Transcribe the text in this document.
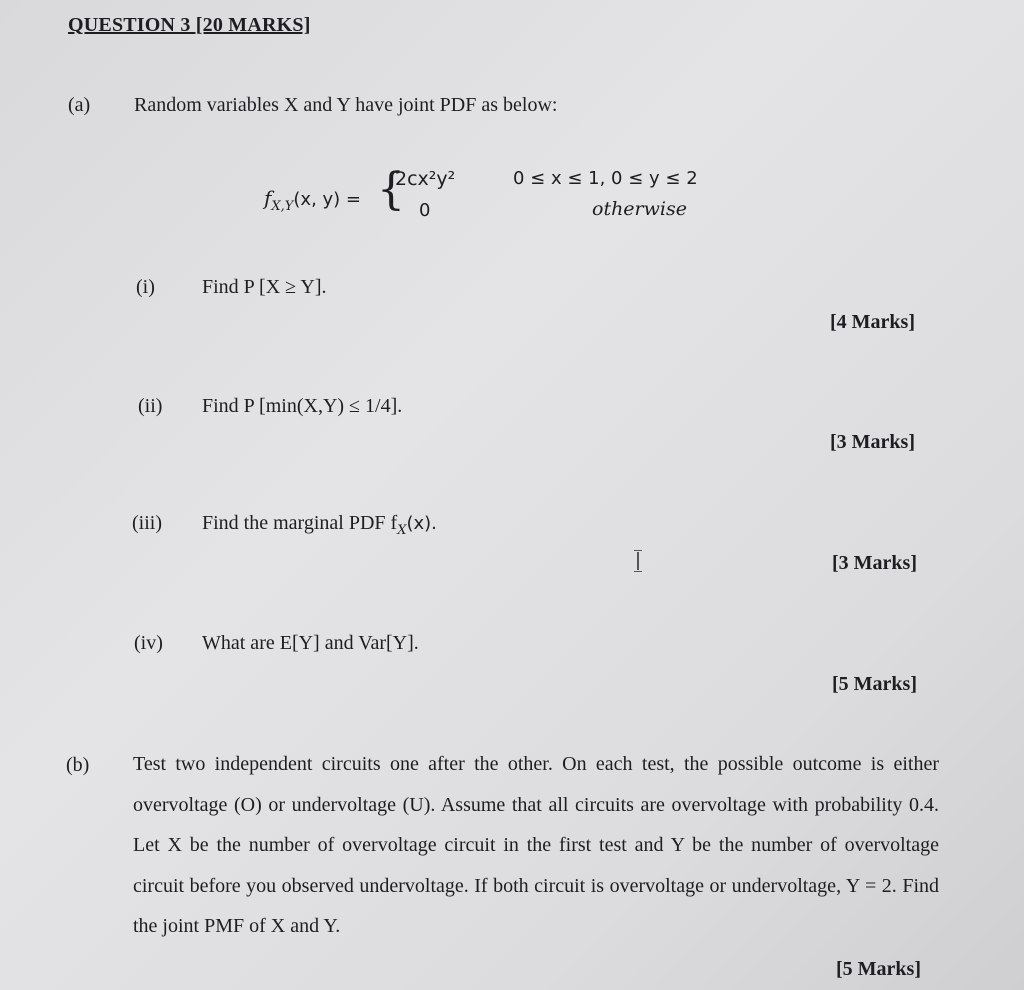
QUESTION 3 [20 MARKS]
(a) Random variables X and Y have joint PDF as below:
$f_{X,Y}(x$, y) = {
2cx²y²
0
0 ≤ x ≤ 1, 0 ≤ y ≤ 2
otherwise
(i) Find P [X ≥ Y].
[4 Marks]
(ii) Find P [min(X,Y) ≤ 1/4].
[3 Marks]
(iii) Find the marginal PDF $f_X(x)$.
[3 Marks]
(iv) What are E[Y] and Var[Y].
[5 Marks]
(b) Test two independent circuits one after the other. On each test, the possible outcome is either overvoltage (O) or undervoltage (U). Assume that all circuits are overvoltage with probability 0.4. Let X be the number of overvoltage circuit in the first test and Y be the number of overvoltage circuit before you observed undervoltage. If both circuit is overvoltage or undervoltage, Y = 2. Find the joint PMF of X and Y.
[5 Marks]
